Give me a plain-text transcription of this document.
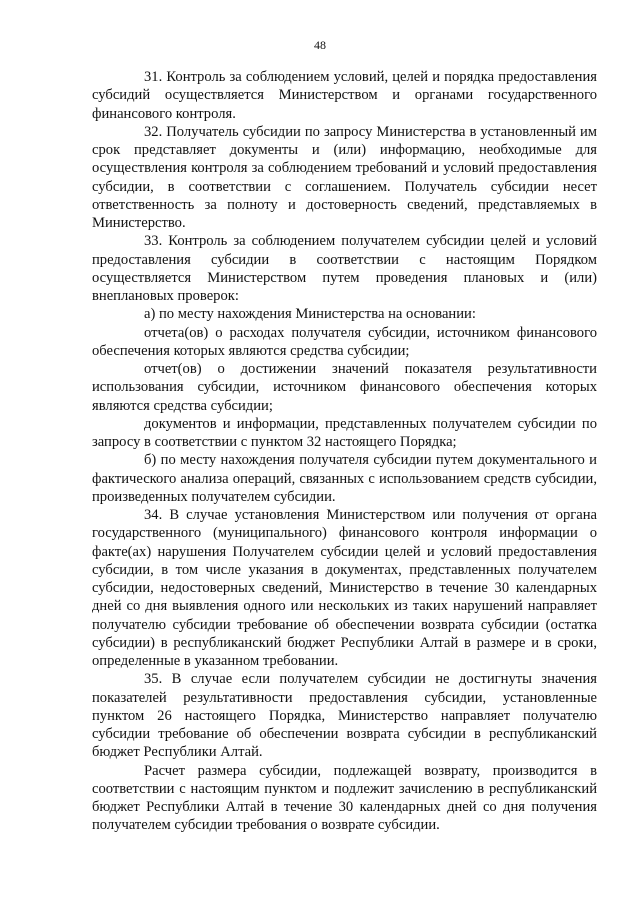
48

31. Контроль за соблюдением условий, целей и порядка предоставления субсидий осуществляется Министерством и органами государственного финансового контроля.

32. Получатель субсидии по запросу Министерства в установленный им срок представляет документы и (или) информацию, необходимые для осуществления контроля за соблюдением требований и условий предоставления субсидии, в соответствии с соглашением. Получатель субсидии несет ответственность за полноту и достоверность сведений, представляемых в Министерство.

33. Контроль за соблюдением получателем субсидии целей и условий предоставления субсидии в соответствии с настоящим Порядком осуществляется Министерством путем проведения плановых и (или) внеплановых проверок:

а) по месту нахождения Министерства на основании:

отчета(ов) о расходах получателя субсидии, источником финансового обеспечения которых являются средства субсидии;

отчет(ов) о достижении значений показателя результативности использования субсидии, источником финансового обеспечения которых являются средства субсидии;

документов и информации, представленных получателем субсидии по запросу в соответствии с пунктом 32 настоящего Порядка;

б) по месту нахождения получателя субсидии путем документального и фактического анализа операций, связанных с использованием средств субсидии, произведенных получателем субсидии.

34. В случае установления Министерством или получения от органа государственного (муниципального) финансового контроля информации о факте(ах) нарушения Получателем субсидии целей и условий предоставления субсидии, в том числе указания в документах, представленных получателем субсидии, недостоверных сведений, Министерство в течение 30 календарных дней со дня выявления одного или нескольких из таких нарушений направляет получателю субсидии требование об обеспечении возврата субсидии (остатка субсидии) в республиканский бюджет Республики Алтай в размере и в сроки, определенные в указанном требовании.

35. В случае если получателем субсидии не достигнуты значения показателей результативности предоставления субсидии, установленные пунктом 26 настоящего Порядка, Министерство направляет получателю субсидии требование об обеспечении возврата субсидии в республиканский бюджет Республики Алтай.

Расчет размера субсидии, подлежащей возврату, производится в соответствии с настоящим пунктом и подлежит зачислению в республиканский бюджет Республики Алтай в течение 30 календарных дней со дня получения получателем субсидии требования о возврате субсидии.
